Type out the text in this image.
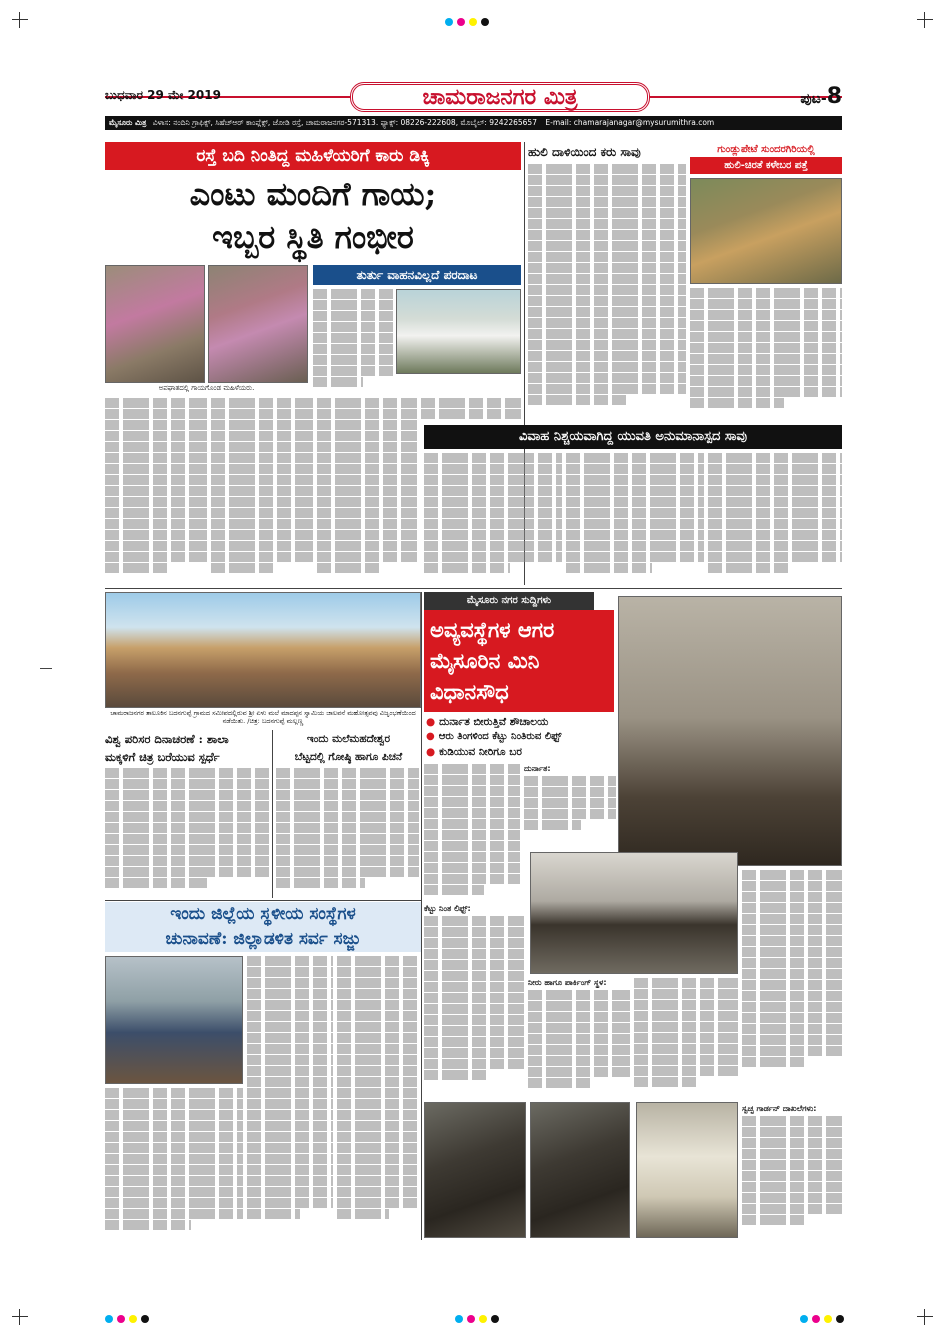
ಬುಧವಾರ 29 ಮೇ 2019	ಚಾಮರಾಜನಗರ ಮಿತ್ರ	ಪುಟ-8
ಮೈಸೂರು ಮಿತ್ರ ವಿಳಾಸ: ನಂದಿನಿ ಗ್ರಾಫಿಕ್ಸ್, ಸಿಹೆಚ್‌ಆರ್ ಕಾಂಪ್ಲೆಕ್ಸ್, ಜೋಡಿ ರಸ್ತೆ, ಚಾಮರಾಜನಗರ-571313. ಫ್ಯಾಕ್ಸ್: 08226-222608, ಮೊಬೈಲ್: 9242265657 E-mail: chamarajanagar@mysurumithra.com
ರಸ್ತೆ ಬದಿ ನಿಂತಿದ್ದ ಮಹಿಳೆಯರಿಗೆ ಕಾರು ಡಿಕ್ಕಿ
ಎಂಟು ಮಂದಿಗೆ ಗಾಯ;
ಇಬ್ಬರ ಸ್ಥಿತಿ ಗಂಭೀರ
ಅಪಘಾತದಲ್ಲಿ ಗಾಯಗೊಂಡ ಮಹಿಳೆಯರು.
ತುರ್ತು ವಾಹನವಿಲ್ಲದೆ ಪರದಾಟ
ಹುಲಿ ದಾಳಿಯಿಂದ ಕರು ಸಾವು	ಗುಂಡ್ಲುಪೇಟೆ ಸುಂದರಗಿರಿಯಲ್ಲಿ
ಹುಲಿ-ಚಿರತೆ ಕಳೇಬರ ಪತ್ತೆ
ವಿವಾಹ ನಿಶ್ಚಯವಾಗಿದ್ದ ಯುವತಿ ಅನುಮಾನಾಸ್ಪದ ಸಾವು
ಚಾಮರಾಜನಗರ ತಾಲೂಕಿನ ಬದನಗುಪ್ಪೆ ಗ್ರಾಮದ ಸಮೀಪದಲ್ಲಿರುವ ಶ್ರೀ ಏಳು ಮಲೆ ಮಾದಪ್ಪನ ಸ್ವಾಮಿಯ ಜಾಲವನೆ ಮಹೋತ್ಸವವು ವಿಜೃಂಭಣೆಯಿಂದ ನಡೆಯಿತು. /ಚಿತ್ರ: ಬದನಗುಪ್ಪೆ ಮಲ್ಲಣ್ಣ
ಮೈಸೂರು ನಗರ ಸುದ್ದಿಗಳು
ಅವ್ಯವಸ್ಥೆಗಳ ಆಗರ
ಮೈಸೂರಿನ ಮಿನಿ
ವಿಧಾನಸೌಧ
● ದುರ್ನಾತ ಬೀರುತ್ತಿವೆ ಶೌಚಾಲಯ
● ಆರು ತಿಂಗಳಿಂದ ಕೆಟ್ಟು ನಿಂತಿರುವ ಲಿಫ್ಟ್
● ಕುಡಿಯುವ ನೀರಿಗೂ ಬರ
ದುರ್ನಾತ:
ಕೆಟ್ಟು ನಿಂತ ಲಿಫ್ಟ್:
ನೀರು ಹಾಗೂ ಪಾರ್ಕಿಂಗ್ ಸ್ಥಳ:
ಸ್ವಚ್ಛ ಗಾರ್ಡನ್ ದಾಖಲೆಗಳು:
ವಿಶ್ವ ಪರಿಸರ ದಿನಾಚರಣೆ : ಶಾಲಾ
ಮಕ್ಕಳಿಗೆ ಚಿತ್ರ ಬರೆಯುವ ಸ್ಪರ್ಧೆ
ಇಂದು ಮಲೆಮಹದೇಶ್ವರ
ಬೆಟ್ಟದಲ್ಲಿ ಗೋಷ್ಠಿ ಹಾಗೂ ಪಿಚನೆ
ಇಂದು ಜಿಲ್ಲೆಯ ಸ್ಥಳೀಯ ಸಂಸ್ಥೆಗಳ
ಚುನಾವಣೆ: ಜಿಲ್ಲಾಡಳಿತ ಸರ್ವ ಸಜ್ಜು
